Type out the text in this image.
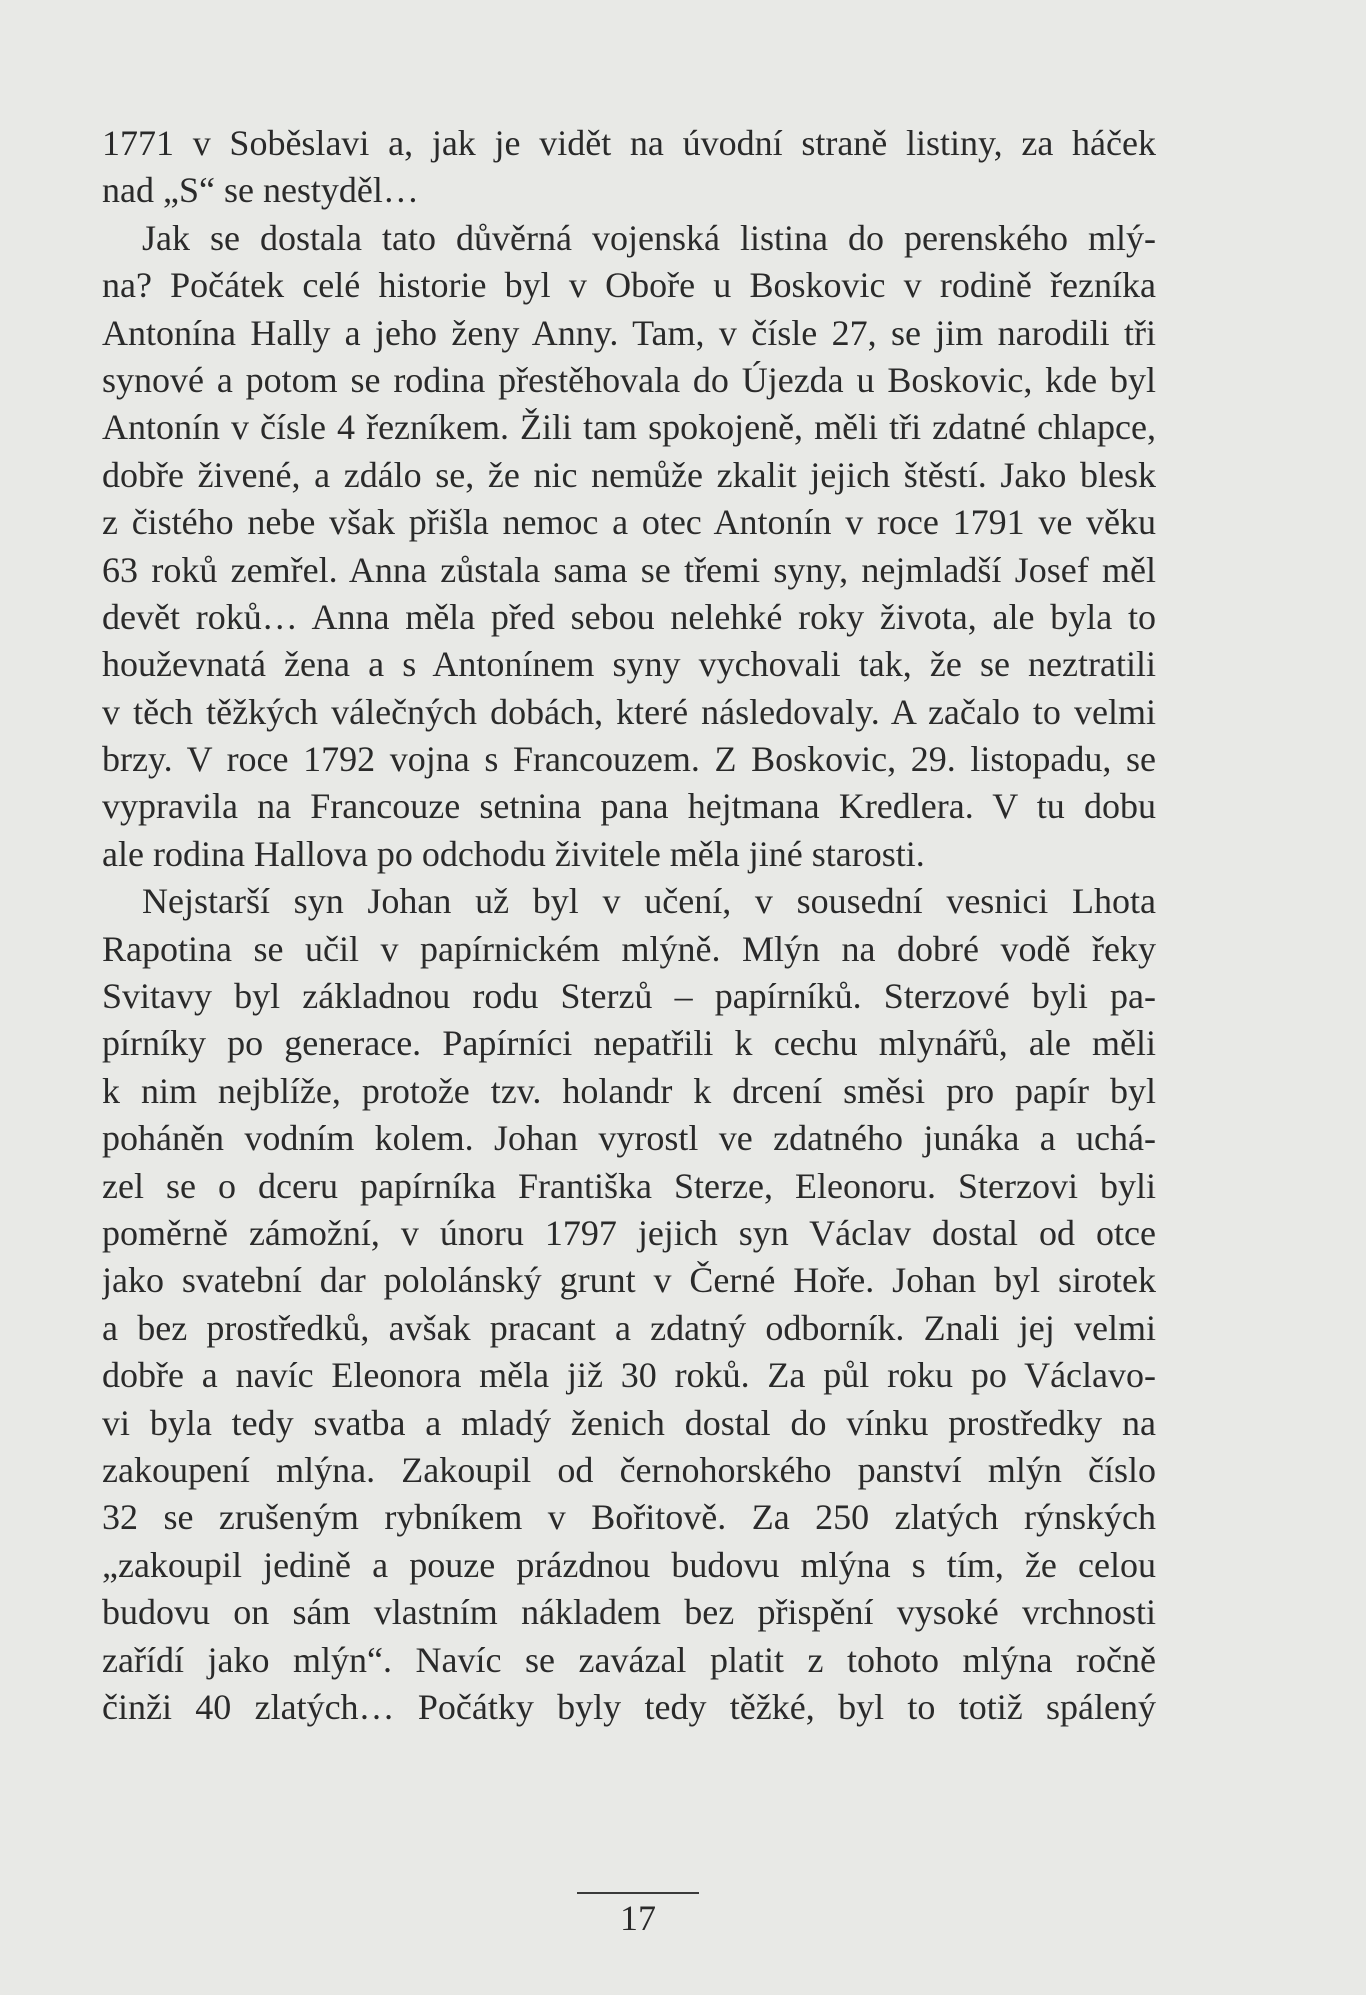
1771 v Soběslavi a, jak je vidět na úvodní straně listiny, za háček
nad „S“ se nestyděl…
Jak se dostala tato důvěrná vojenská listina do perenského mlý-
na? Počátek celé historie byl v Oboře u Boskovic v rodině řezníka
Antonína Hally a jeho ženy Anny. Tam, v čísle 27, se jim narodili tři
synové a potom se rodina přestěhovala do Újezda u Boskovic, kde byl
Antonín v čísle 4 řezníkem. Žili tam spokojeně, měli tři zdatné chlapce,
dobře živené, a zdálo se, že nic nemůže zkalit jejich štěstí. Jako blesk
z čistého nebe však přišla nemoc a otec Antonín v roce 1791 ve věku
63 roků zemřel. Anna zůstala sama se třemi syny, nejmladší Josef měl
devět roků… Anna měla před sebou nelehké roky života, ale byla to
houževnatá žena a s Antonínem syny vychovali tak, že se neztratili
v těch těžkých válečných dobách, které následovaly. A začalo to velmi
brzy. V roce 1792 vojna s Francouzem. Z Boskovic, 29. listopadu, se
vypravila na Francouze setnina pana hejtmana Kredlera. V tu dobu
ale rodina Hallova po odchodu živitele měla jiné starosti.
Nejstarší syn Johan už byl v učení, v sousední vesnici Lhota
Rapotina se učil v papírnickém mlýně. Mlýn na dobré vodě řeky
Svitavy byl základnou rodu Sterzů – papírníků. Sterzové byli pa-
pírníky po generace. Papírníci nepatřili k cechu mlynářů, ale měli
k nim nejblíže, protože tzv. holandr k drcení směsi pro papír byl
poháněn vodním kolem. Johan vyrostl ve zdatného junáka a uchá-
zel se o dceru papírníka Františka Sterze, Eleonoru. Sterzovi byli
poměrně zámožní, v únoru 1797 jejich syn Václav dostal od otce
jako svatební dar pololánský grunt v Černé Hoře. Johan byl sirotek
a bez prostředků, avšak pracant a zdatný odborník. Znali jej velmi
dobře a navíc Eleonora měla již 30 roků. Za půl roku po Václavo-
vi byla tedy svatba a mladý ženich dostal do vínku prostředky na
zakoupení mlýna. Zakoupil od černohorského panství mlýn číslo
32 se zrušeným rybníkem v Bořitově. Za 250 zlatých rýnských
„zakoupil jedině a pouze prázdnou budovu mlýna s tím, že celou
budovu on sám vlastním nákladem bez přispění vysoké vrchnosti
zařídí jako mlýn“. Navíc se zavázal platit z tohoto mlýna ročně
činži 40 zlatých… Počátky byly tedy těžké, byl to totiž spálený
17
